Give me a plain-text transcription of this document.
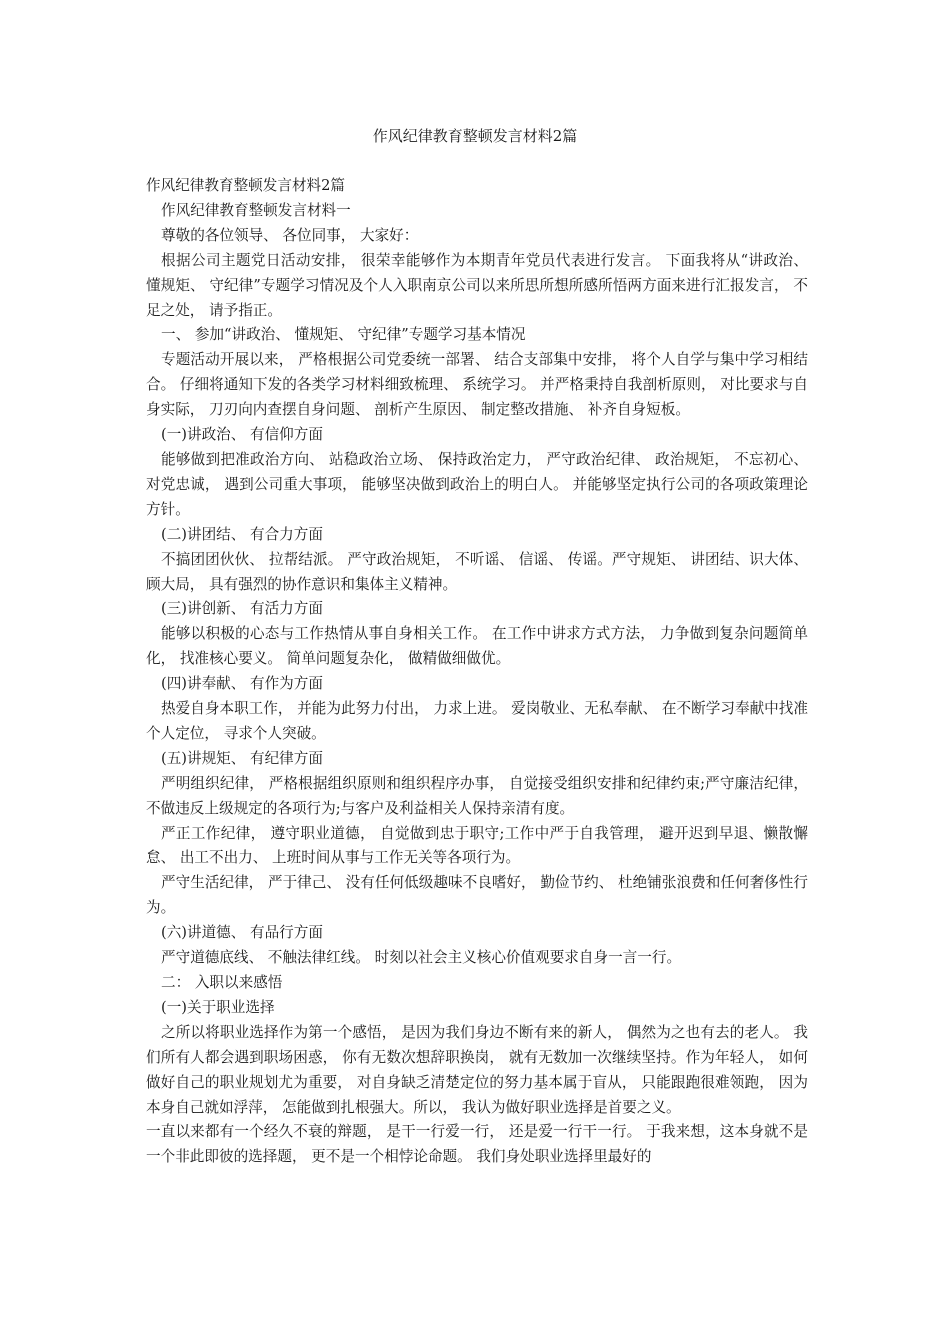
作风纪律教育整顿发言材料2篇

作风纪律教育整顿发言材料2篇

作风纪律教育整顿发言材料一

尊敬的各位领导、 各位同事， 大家好：

根据公司主题党日活动安排， 很荣幸能够作为本期青年党员代表进行发言。 下面我将从“讲政治、 懂规矩、 守纪律”专题学习情况及个人入职南京公司以来所思所想所感所悟两方面来进行汇报发言， 不足之处， 请予指正。

一、 参加“讲政治、 懂规矩、 守纪律”专题学习基本情况

专题活动开展以来， 严格根据公司党委统一部署、 结合支部集中安排， 将个人自学与集中学习相结合。 仔细将通知下发的各类学习材料细致梳理、 系统学习。 并严格秉持自我剖析原则， 对比要求与自身实际， 刀刃向内查摆自身问题、 剖析产生原因、 制定整改措施、 补齐自身短板。

(一)讲政治、 有信仰方面

能够做到把准政治方向、 站稳政治立场、 保持政治定力， 严守政治纪律、 政治规矩， 不忘初心、 对党忠诚， 遇到公司重大事项， 能够坚决做到政治上的明白人。 并能够坚定执行公司的各项政策理论方针。

(二)讲团结、 有合力方面

不搞团团伙伙、 拉帮结派。 严守政治规矩， 不听谣、 信谣、 传谣。严守规矩、 讲团结、识大体、 顾大局， 具有强烈的协作意识和集体主义精神。

(三)讲创新、 有活力方面

能够以积极的心态与工作热情从事自身相关工作。 在工作中讲求方式方法， 力争做到复杂问题简单化， 找准核心要义。 简单问题复杂化， 做精做细做优。

(四)讲奉献、 有作为方面

热爱自身本职工作， 并能为此努力付出， 力求上进。 爱岗敬业、无私奉献、 在不断学习奉献中找准个人定位， 寻求个人突破。

(五)讲规矩、 有纪律方面

严明组织纪律， 严格根据组织原则和组织程序办事， 自觉接受组织安排和纪律约束;严守廉洁纪律， 不做违反上级规定的各项行为;与客户及利益相关人保持亲清有度。

严正工作纪律， 遵守职业道德， 自觉做到忠于职守;工作中严于自我管理， 避开迟到早退、懒散懈怠、 出工不出力、 上班时间从事与工作无关等各项行为。

严守生活纪律， 严于律己、 没有任何低级趣味不良嗜好， 勤俭节约、 杜绝铺张浪费和任何奢侈性行为。

(六)讲道德、 有品行方面

严守道德底线、 不触法律红线。 时刻以社会主义核心价值观要求自身一言一行。

二： 入职以来感悟

(一)关于职业选择

之所以将职业选择作为第一个感悟， 是因为我们身边不断有来的新人， 偶然为之也有去的老人。 我们所有人都会遇到职场困惑， 你有无数次想辞职换岗， 就有无数加一次继续坚持。作为年轻人， 如何做好自己的职业规划尤为重要， 对自身缺乏清楚定位的努力基本属于盲从， 只能跟跑很难领跑， 因为本身自己就如浮萍， 怎能做到扎根强大。所以， 我认为做好职业选择是首要之义。

一直以来都有一个经久不衰的辩题， 是干一行爱一行， 还是爱一行干一行。 于我来想，这本身就不是一个非此即彼的选择题， 更不是一个相悖论命题。 我们身处职业选择里最好的
